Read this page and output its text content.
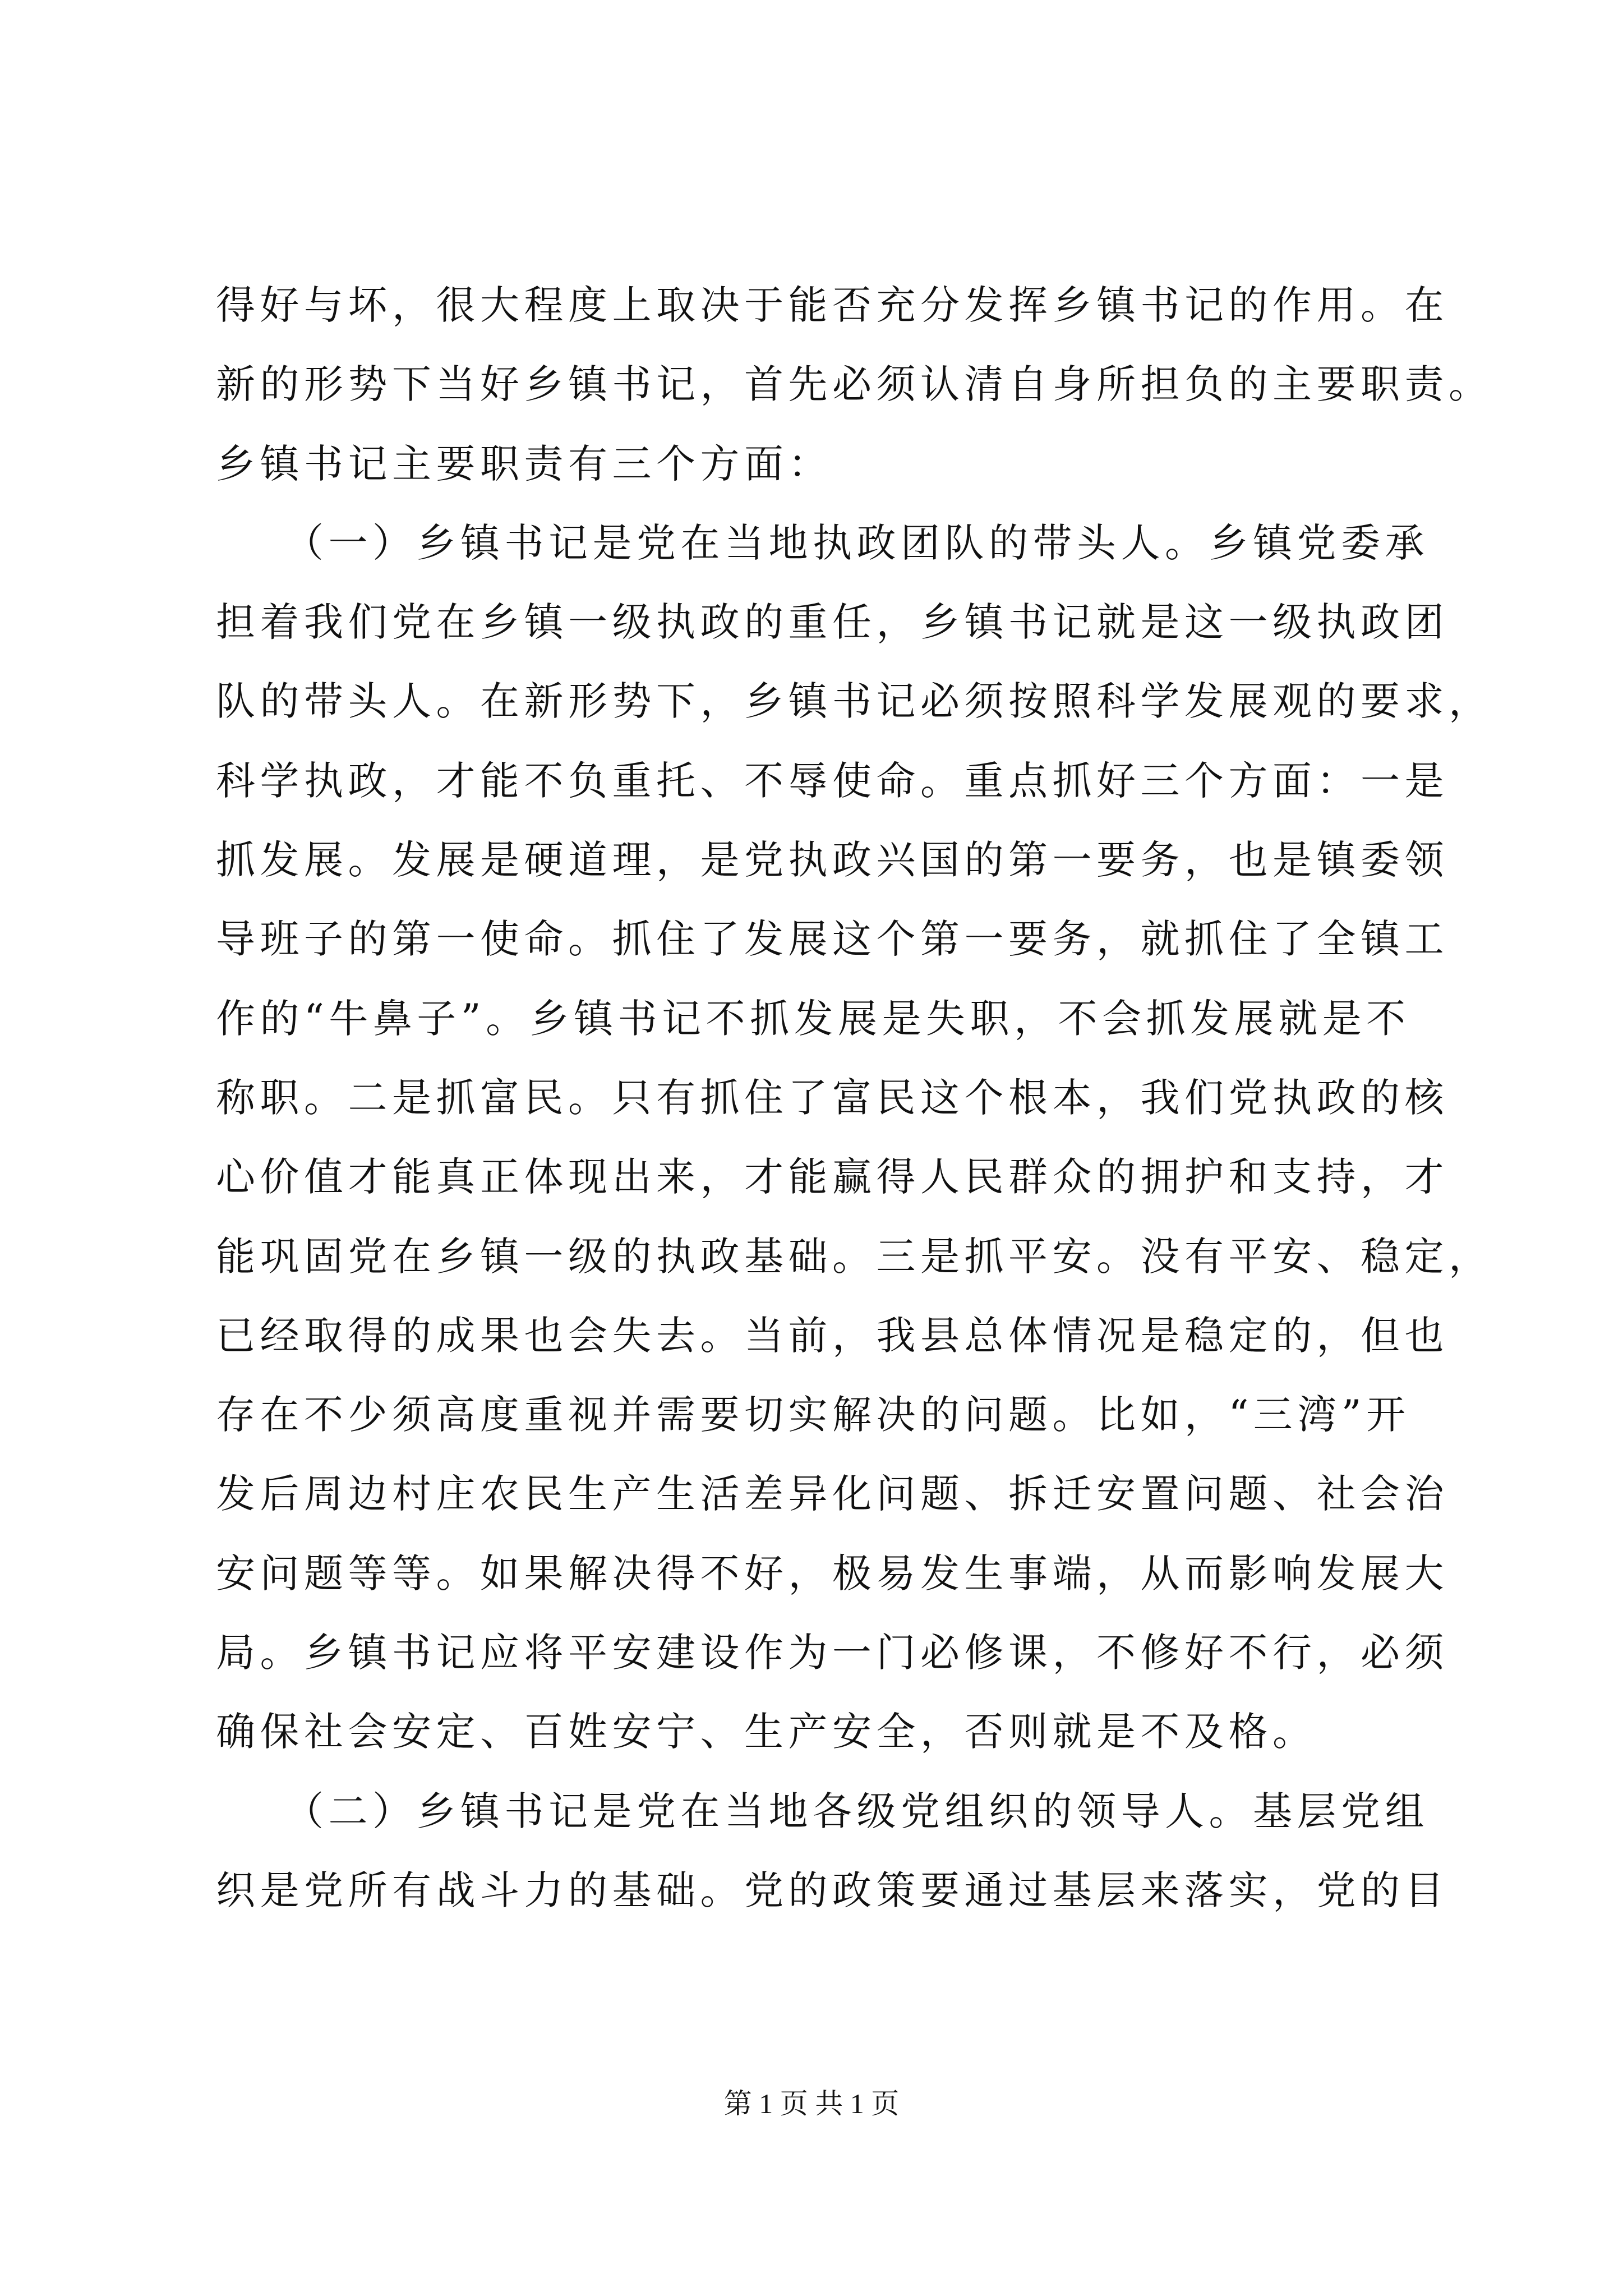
得好与坏，很大程度上取决于能否充分发挥乡镇书记的作用。在
新的形势下当好乡镇书记，首先必须认清自身所担负的主要职责。
乡镇书记主要职责有三个方面：
　　（一）乡镇书记是党在当地执政团队的带头人。乡镇党委承
担着我们党在乡镇一级执政的重任，乡镇书记就是这一级执政团
队的带头人。在新形势下，乡镇书记必须按照科学发展观的要求，
科学执政，才能不负重托、不辱使命。重点抓好三个方面：一是
抓发展。发展是硬道理，是党执政兴国的第一要务，也是镇委领
导班子的第一使命。抓住了发展这个第一要务，就抓住了全镇工
作的“牛鼻子”。乡镇书记不抓发展是失职，不会抓发展就是不
称职。二是抓富民。只有抓住了富民这个根本，我们党执政的核
心价值才能真正体现出来，才能赢得人民群众的拥护和支持，才
能巩固党在乡镇一级的执政基础。三是抓平安。没有平安、稳定，
已经取得的成果也会失去。当前，我县总体情况是稳定的，但也
存在不少须高度重视并需要切实解决的问题。比如，“三湾”开
发后周边村庄农民生产生活差异化问题、拆迁安置问题、社会治
安问题等等。如果解决得不好，极易发生事端，从而影响发展大
局。乡镇书记应将平安建设作为一门必修课，不修好不行，必须
确保社会安定、百姓安宁、生产安全，否则就是不及格。
　　（二）乡镇书记是党在当地各级党组织的领导人。基层党组
织是党所有战斗力的基础。党的政策要通过基层来落实，党的目
第 1 页 共 1 页
